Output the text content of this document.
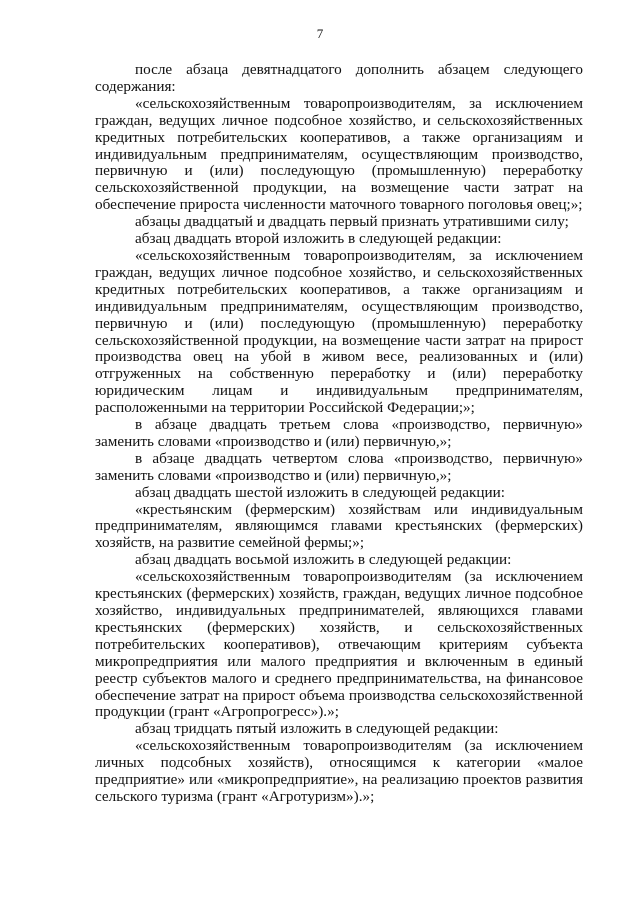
7

после абзаца девятнадцатого дополнить абзацем следующего содержания:

«сельскохозяйственным товаропроизводителям, за исключением граждан, ведущих личное подсобное хозяйство, и сельскохозяйственных кредитных потребительских кооперативов, а также организациям и индивидуальным предпринимателям, осуществляющим производство, первичную и (или) последующую (промышленную) переработку сельскохозяйственной продукции, на возмещение части затрат на обеспечение прироста численности маточного товарного поголовья овец;»;

абзацы двадцатый и двадцать первый признать утратившими силу;

абзац двадцать второй изложить в следующей редакции:

«сельскохозяйственным товаропроизводителям, за исключением граждан, ведущих личное подсобное хозяйство, и сельскохозяйственных кредитных потребительских кооперативов, а также организациям и индивидуальным предпринимателям, осуществляющим производство, первичную и (или) последующую (промышленную) переработку сельскохозяйственной продукции, на возмещение части затрат на прирост производства овец на убой в живом весе, реализованных и (или) отгруженных на собственную переработку и (или) переработку юридическим лицам и индивидуальным предпринимателям, расположенными на территории Российской Федерации;»;

в абзаце двадцать третьем слова «производство, первичную» заменить словами «производство и (или) первичную,»;

в абзаце двадцать четвертом слова «производство, первичную» заменить словами «производство и (или) первичную,»;

абзац двадцать шестой изложить в следующей редакции:

«крестьянским (фермерским) хозяйствам или индивидуальным предпринимателям, являющимся главами крестьянских (фермерских) хозяйств, на развитие семейной фермы;»;

абзац двадцать восьмой изложить в следующей редакции:

«сельскохозяйственным товаропроизводителям (за исключением крестьянских (фермерских) хозяйств, граждан, ведущих личное подсобное хозяйство, индивидуальных предпринимателей, являющихся главами крестьянских (фермерских) хозяйств, и сельскохозяйственных потребительских кооперативов), отвечающим критериям субъекта микропредприятия или малого предприятия и включенным в единый реестр субъектов малого и среднего предпринимательства, на финансовое обеспечение затрат на прирост объема производства сельскохозяйственной продукции (грант «Агропрогресс»).»;

абзац тридцать пятый изложить в следующей редакции:

«сельскохозяйственным товаропроизводителям (за исключением личных подсобных хозяйств), относящимся к категории «малое предприятие» или «микропредприятие», на реализацию проектов развития сельского туризма (грант «Агротуризм»).»;
